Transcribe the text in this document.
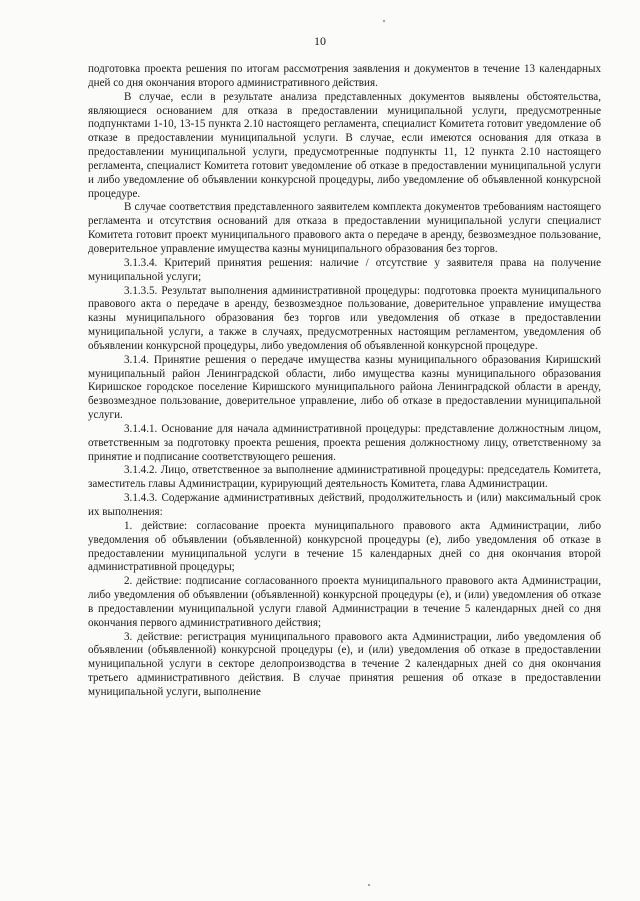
10

подготовка проекта решения по итогам рассмотрения заявления и документов в течение 13 календарных дней со дня окончания второго административного действия.

В случае, если в результате анализа представленных документов выявлены обстоятельства, являющиеся основанием для отказа в предоставлении муниципальной услуги, предусмотренные подпунктами 1-10, 13-15 пункта 2.10 настоящего регламента, специалист Комитета готовит уведомление об отказе в предоставлении муниципальной услуги. В случае, если имеются основания для отказа в предоставлении муниципальной услуги, предусмотренные подпункты 11, 12 пункта 2.10 настоящего регламента, специалист Комитета готовит уведомление об отказе в предоставлении муниципальной услуги и либо уведомление об объявлении конкурсной процедуры, либо уведомление об объявленной конкурсной процедуре.

В случае соответствия представленного заявителем комплекта документов требованиям настоящего регламента и отсутствия оснований для отказа в предоставлении муниципальной услуги специалист Комитета готовит проект муниципального правового акта о передаче в аренду, безвозмездное пользование, доверительное управление имущества казны муниципального образования без торгов.

3.1.3.4. Критерий принятия решения: наличие / отсутствие у заявителя права на получение муниципальной услуги;

3.1.3.5. Результат выполнения административной процедуры: подготовка проекта муниципального правового акта о передаче в аренду, безвозмездное пользование, доверительное управление имущества казны муниципального образования без торгов или уведомления об отказе в предоставлении муниципальной услуги, а также в случаях, предусмотренных настоящим регламентом, уведомления об объявлении конкурсной процедуры, либо уведомления об объявленной конкурсной процедуре.

3.1.4. Принятие решения о передаче имущества казны муниципального образования Киришский муниципальный район Ленинградской области, либо имущества казны муниципального образования Киришское городское поселение Киришского муниципального района Ленинградской области в аренду, безвозмездное пользование, доверительное управление, либо об отказе в предоставлении муниципальной услуги.

3.1.4.1. Основание для начала административной процедуры: представление должностным лицом, ответственным за подготовку проекта решения, проекта решения должностному лицу, ответственному за принятие и подписание соответствующего решения.

3.1.4.2. Лицо, ответственное за выполнение административной процедуры: председатель Комитета, заместитель главы Администрации, курирующий деятельность Комитета, глава Администрации.

3.1.4.3. Содержание административных действий, продолжительность и (или) максимальный срок их выполнения:

1. действие: согласование проекта муниципального правового акта Администрации, либо уведомления об объявлении (объявленной) конкурсной процедуры (е), либо уведомления об отказе в предоставлении муниципальной услуги в течение 15 календарных дней со дня окончания второй административной процедуры;

2. действие: подписание согласованного проекта муниципального правового акта Администрации, либо уведомления об объявлении (объявленной) конкурсной процедуры (е), и (или) уведомления об отказе в предоставлении муниципальной услуги главой Администрации в течение 5 календарных дней со дня окончания первого административного действия;

3. действие: регистрация муниципального правового акта Администрации, либо уведомления об объявлении (объявленной) конкурсной процедуры (е), и (или) уведомления об отказе в предоставлении муниципальной услуги в секторе делопроизводства в течение 2 календарных дней со дня окончания третьего административного действия. В случае принятия решения об отказе в предоставлении муниципальной услуги, выполнение
